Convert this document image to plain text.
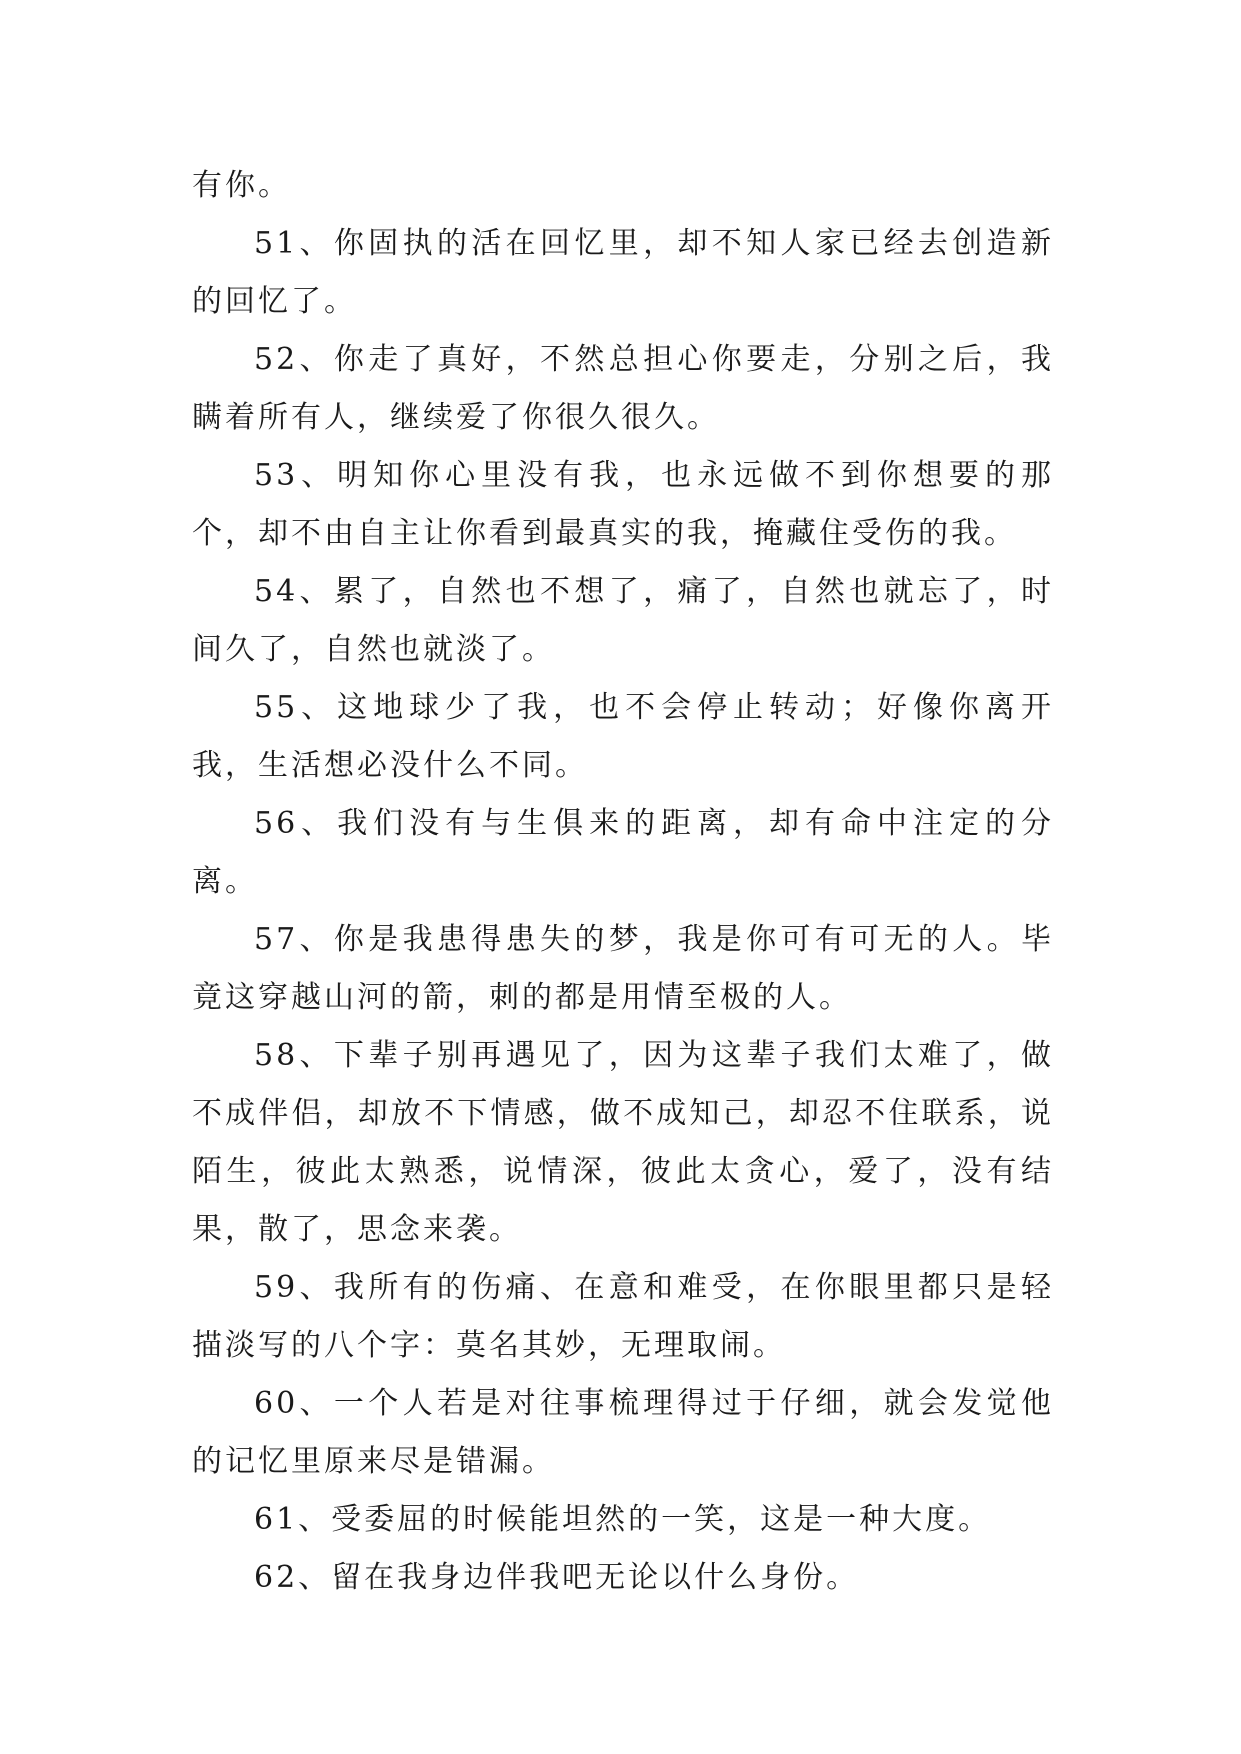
有你。

51、你固执的活在回忆里，却不知人家已经去创造新的回忆了。

52、你走了真好，不然总担心你要走，分别之后，我瞒着所有人，继续爱了你很久很久。

53、明知你心里没有我，也永远做不到你想要的那个，却不由自主让你看到最真实的我，掩藏住受伤的我。

54、累了，自然也不想了，痛了，自然也就忘了，时间久了，自然也就淡了。

55、这地球少了我，也不会停止转动；好像你离开我，生活想必没什么不同。

56、我们没有与生俱来的距离，却有命中注定的分离。

57、你是我患得患失的梦，我是你可有可无的人。毕竟这穿越山河的箭，刺的都是用情至极的人。

58、下辈子别再遇见了，因为这辈子我们太难了，做不成伴侣，却放不下情感，做不成知己，却忍不住联系，说陌生，彼此太熟悉，说情深，彼此太贪心，爱了，没有结果，散了，思念来袭。

59、我所有的伤痛、在意和难受，在你眼里都只是轻描淡写的八个字：莫名其妙，无理取闹。

60、一个人若是对往事梳理得过于仔细，就会发觉他的记忆里原来尽是错漏。

61、受委屈的时候能坦然的一笑，这是一种大度。

62、留在我身边伴我吧无论以什么身份。
